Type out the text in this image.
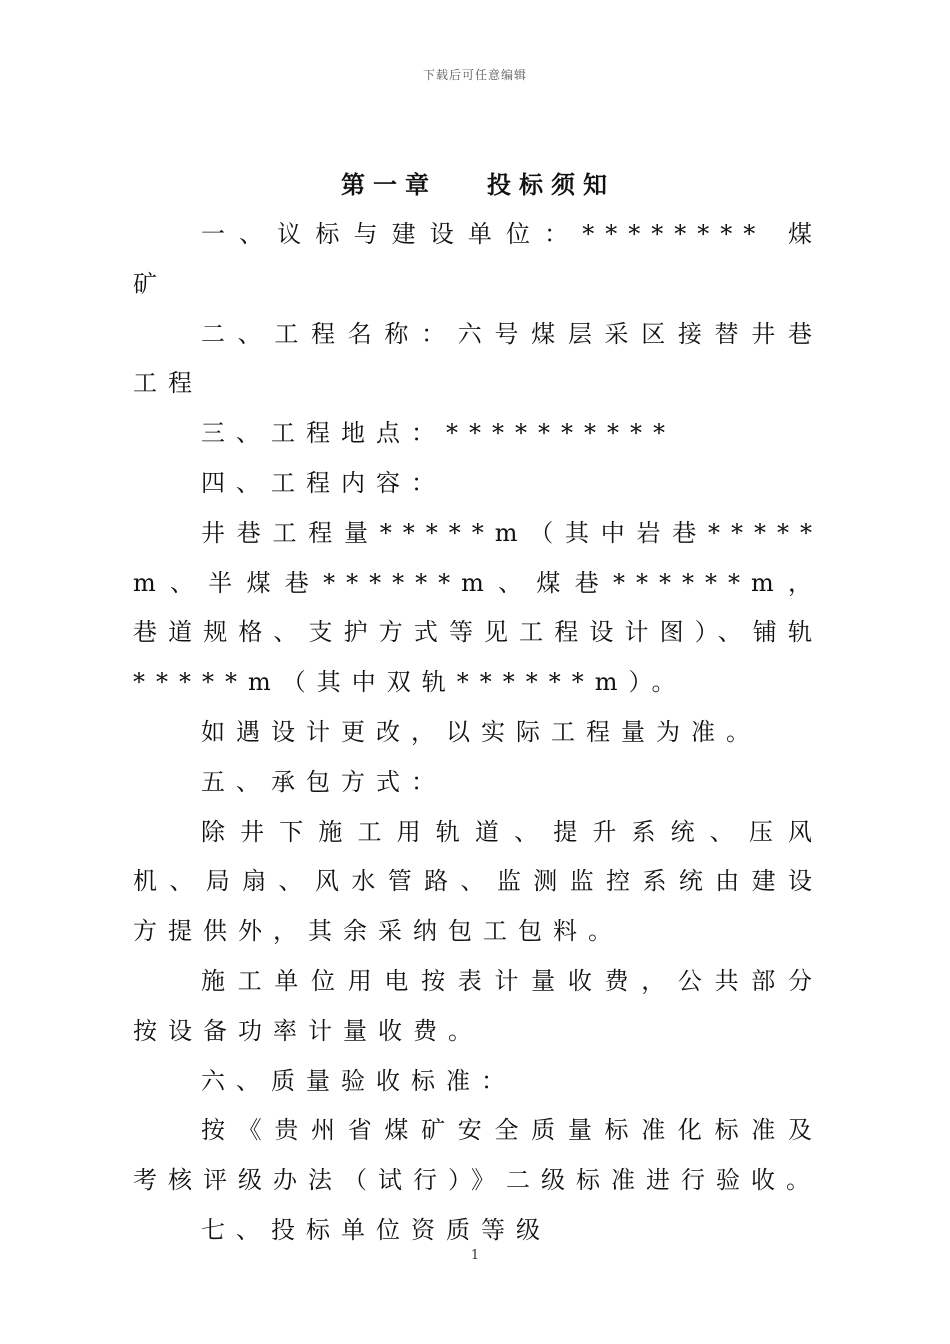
下载后可任意编辑
第一章 投标须知

一、议标与建设单位：******** 煤矿

二、工程名称：六号煤层采区接替井巷工程

三、工程地点：**********

四、工程内容：

井巷工程量*****m（其中岩巷*****m、半煤巷******m、煤巷******m，巷道规格、支护方式等见工程设计图）、铺轨*****m（其中双轨******m）。

如遇设计更改，以实际工程量为准。

五、承包方式：

除井下施工用轨道、提升系统、压风机、局扇、风水管路、监测监控系统由建设方提供外，其余采纳包工包料。

施工单位用电按表计量收费，公共部分按设备功率计量收费。

六、质量验收标准：

按《贵州省煤矿安全质量标准化标准及考核评级办法（试行）》二级标准进行验收。

七、投标单位资质等级

1
